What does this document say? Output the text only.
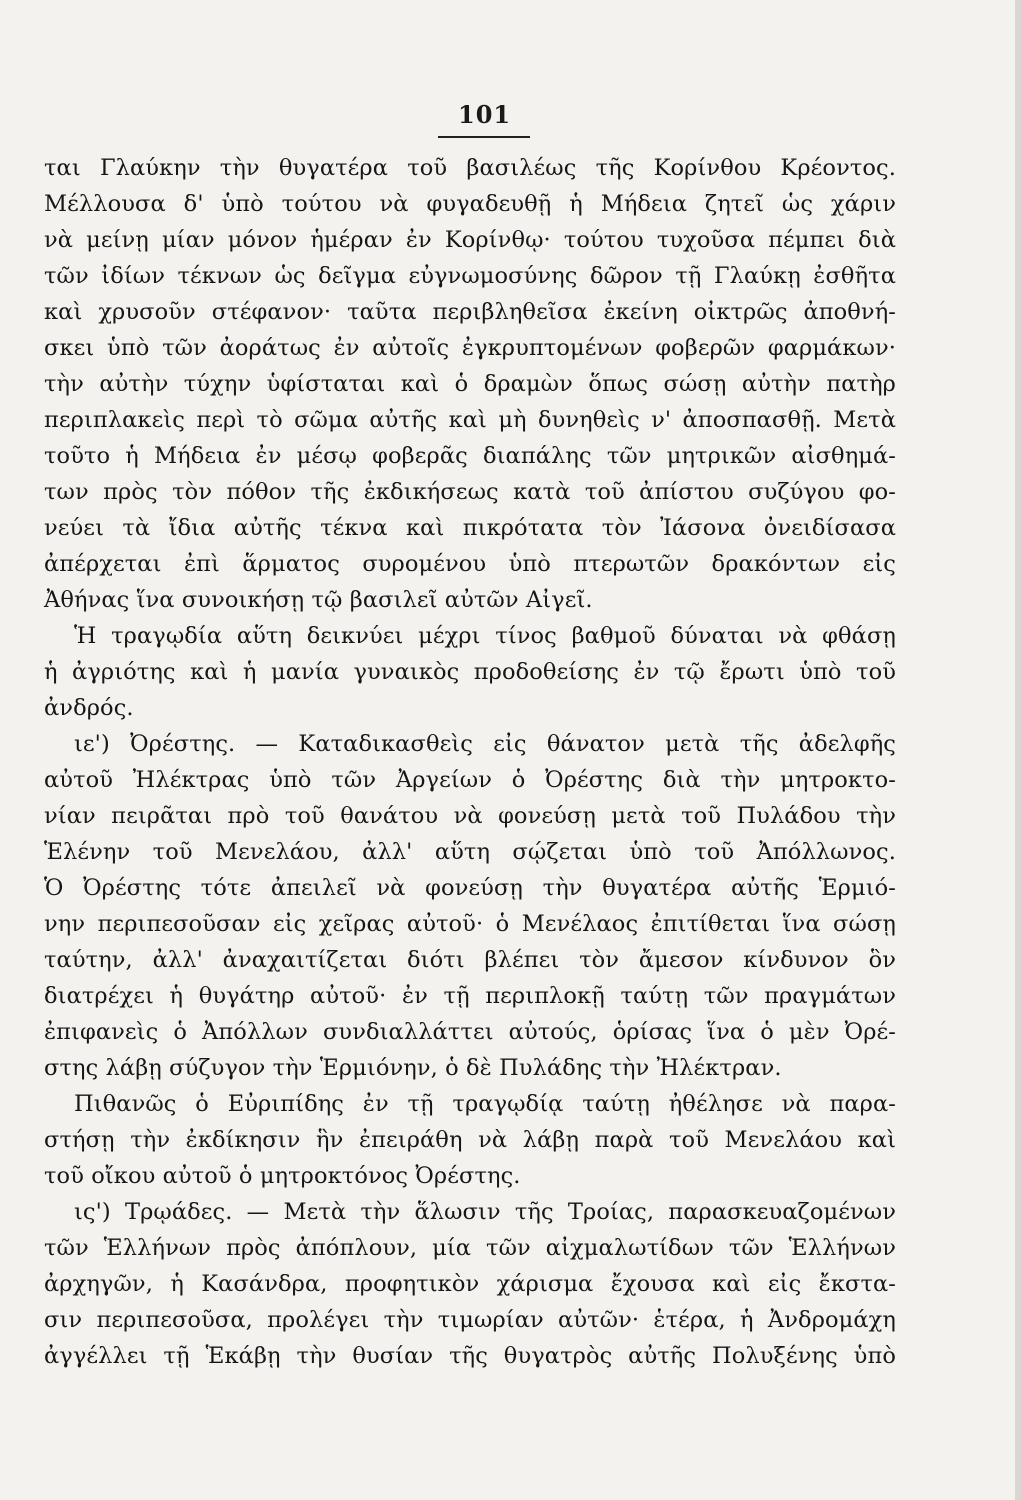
101
ται Γλαύκην τὴν θυγατέρα τοῦ βασιλέως τῆς Κορίνθου Κρέοντος.
Μέλλουσα δ' ὑπὸ τούτου νὰ φυγαδευθῇ ἡ Μήδεια ζητεῖ ὡς χάριν
νὰ μείνῃ μίαν μόνον ἡμέραν ἐν Κορίνθῳ· τούτου τυχοῦσα πέμπει διὰ
τῶν ἰδίων τέκνων ὡς δεῖγμα εὐγνωμοσύνης δῶρον τῇ Γλαύκῃ ἐσθῆτα
καὶ χρυσοῦν στέφανον· ταῦτα περιβληθεῖσα ἐκείνη οἰκτρῶς ἀποθνή-
σκει ὑπὸ τῶν ἀοράτως ἐν αὐτοῖς ἐγκρυπτομένων φοβερῶν φαρμάκων·
τὴν αὐτὴν τύχην ὑφίσταται καὶ ὁ δραμὼν ὅπως σώσῃ αὐτὴν πατὴρ
περιπλακεὶς περὶ τὸ σῶμα αὐτῆς καὶ μὴ δυνηθεὶς ν' ἀποσπασθῇ. Μετὰ
τοῦτο ἡ Μήδεια ἐν μέσῳ φοβερᾶς διαπάλης τῶν μητρικῶν αἰσθημά-
των πρὸς τὸν πόθον τῆς ἐκδικήσεως κατὰ τοῦ ἀπίστου συζύγου φο-
νεύει τὰ ἴδια αὐτῆς τέκνα καὶ πικρότατα τὸν Ἰάσονα ὀνειδίσασα
ἀπέρχεται ἐπὶ ἅρματος συρομένου ὑπὸ πτερωτῶν δρακόντων εἰς
Ἀθήνας ἵνα συνοικήσῃ τῷ βασιλεῖ αὐτῶν Αἰγεῖ.
Ἡ τραγῳδία αὕτη δεικνύει μέχρι τίνος βαθμοῦ δύναται νὰ φθάσῃ
ἡ ἀγριότης καὶ ἡ μανία γυναικὸς προδοθείσης ἐν τῷ ἔρωτι ὑπὸ τοῦ
ἀνδρός.
ιε') Ὀρέστης. — Καταδικασθεὶς εἰς θάνατον μετὰ τῆς ἀδελφῆς
αὐτοῦ Ἠλέκτρας ὑπὸ τῶν Ἀργείων ὁ Ὀρέστης διὰ τὴν μητροκτο-
νίαν πειρᾶται πρὸ τοῦ θανάτου νὰ φονεύσῃ μετὰ τοῦ Πυλάδου τὴν
Ἑλένην τοῦ Μενελάου, ἀλλ' αὕτη σῴζεται ὑπὸ τοῦ Ἀπόλλωνος.
Ὁ Ὀρέστης τότε ἀπειλεῖ νὰ φονεύσῃ τὴν θυγατέρα αὐτῆς Ἑρμιό-
νην περιπεσοῦσαν εἰς χεῖρας αὐτοῦ· ὁ Μενέλαος ἐπιτίθεται ἵνα σώσῃ
ταύτην, ἀλλ' ἀναχαιτίζεται διότι βλέπει τὸν ἄμεσον κίνδυνον ὃν
διατρέχει ἡ θυγάτηρ αὐτοῦ· ἐν τῇ περιπλοκῇ ταύτῃ τῶν πραγμάτων
ἐπιφανεὶς ὁ Ἀπόλλων συνδιαλλάττει αὐτούς, ὁρίσας ἵνα ὁ μὲν Ὀρέ-
στης λάβῃ σύζυγον τὴν Ἑρμιόνην, ὁ δὲ Πυλάδης τὴν Ἠλέκτραν.
Πιθανῶς ὁ Εὐριπίδης ἐν τῇ τραγῳδίᾳ ταύτῃ ἠθέλησε νὰ παρα-
στήσῃ τὴν ἐκδίκησιν ἣν ἐπειράθη νὰ λάβῃ παρὰ τοῦ Μενελάου καὶ
τοῦ οἴκου αὐτοῦ ὁ μητροκτόνος Ὀρέστης.
ις') Τρῳάδες. — Μετὰ τὴν ἅλωσιν τῆς Τροίας, παρασκευαζομένων
τῶν Ἑλλήνων πρὸς ἀπόπλουν, μία τῶν αἰχμαλωτίδων τῶν Ἑλλήνων
ἀρχηγῶν, ἡ Κασάνδρα, προφητικὸν χάρισμα ἔχουσα καὶ εἰς ἔκστα-
σιν περιπεσοῦσα, προλέγει τὴν τιμωρίαν αὐτῶν· ἑτέρα, ἡ Ἀνδρομάχη
ἀγγέλλει τῇ Ἑκάβῃ τὴν θυσίαν τῆς θυγατρὸς αὐτῆς Πολυξένης ὑπὸ
